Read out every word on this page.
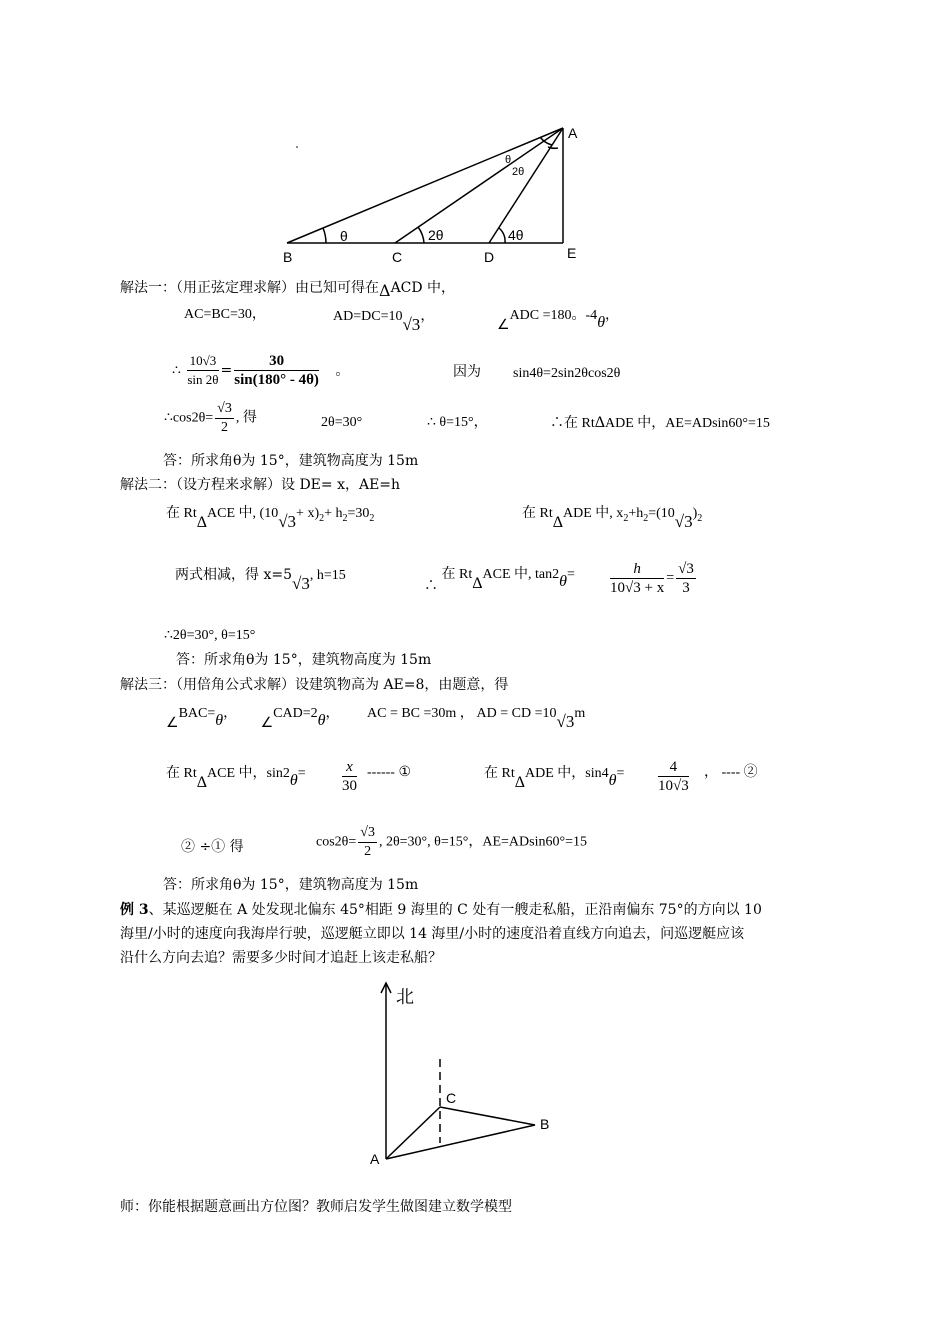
A
B	C	D	E
θ	2θ	4θ
θ
2θ
解法一：（用正弦定理求解）由已知可得在ΔACD 中，
AC=BC=30，	AD=DC=10√3，
∠ADC =180。-4θ，
∴ $\frac{10√3}{\sin 2\theta} = \frac{30}{\sin(180^\circ - 4\theta)}$ 。	因为 sin4θ=2sin2θcos2θ
∴cos2θ= $\frac{√3}{2}$ , 得	2θ=30°	∴ θ=15°，	∴在 RtΔADE 中，AE=ADsin60°=15
答：所求角θ为 15°，建筑物高度为 15m
解法二：（设方程来求解）设 DE= x，AE=h
在 RtΔACE 中, $(10√3+ x)_2+ h_2=30_2$	在 RtΔADE 中, $x_2+h_2=(10√3)_2$
两式相减，得 x=5√3, h=15
∴ 在 RtΔACE 中, $\tan 2\theta= \frac{h}{10√3 + x} = \frac{√3}{3}$
∴2θ=30°, θ=15°
答：所求角θ为 15°，建筑物高度为 15m
解法三：（用倍角公式求解）设建筑物高为 AE=8，由题意，得
∠BAC=θ， ∠CAD=2θ， AC = BC =30m ， AD = CD =10√3m
在 RtΔACE 中，$\sin 2\theta= \frac{x}{30}$ ------ ①	在 RtΔADE 中，$\sin 4\theta= \frac{4}{10√3}$ ， ---- ②
② ÷① 得	$\cos 2\theta= \frac{√3}{2}$ , 2θ=30°, θ=15°，AE=ADsin60°=15
答：所求角θ为 15°，建筑物高度为 15m
例 3、某巡逻艇在 A 处发现北偏东 45°相距 9 海里的 C 处有一艘走私船，正沿南偏东 75°的方向以 10
海里/小时的速度向我海岸行驶，巡逻艇立即以 14 海里/小时的速度沿着直线方向追去，问巡逻艇应该
沿什么方向去追？需要多少时间才追赶上该走私船？
北
A
C
B
师：你能根据题意画出方位图？教师启发学生做图建立数学模型
